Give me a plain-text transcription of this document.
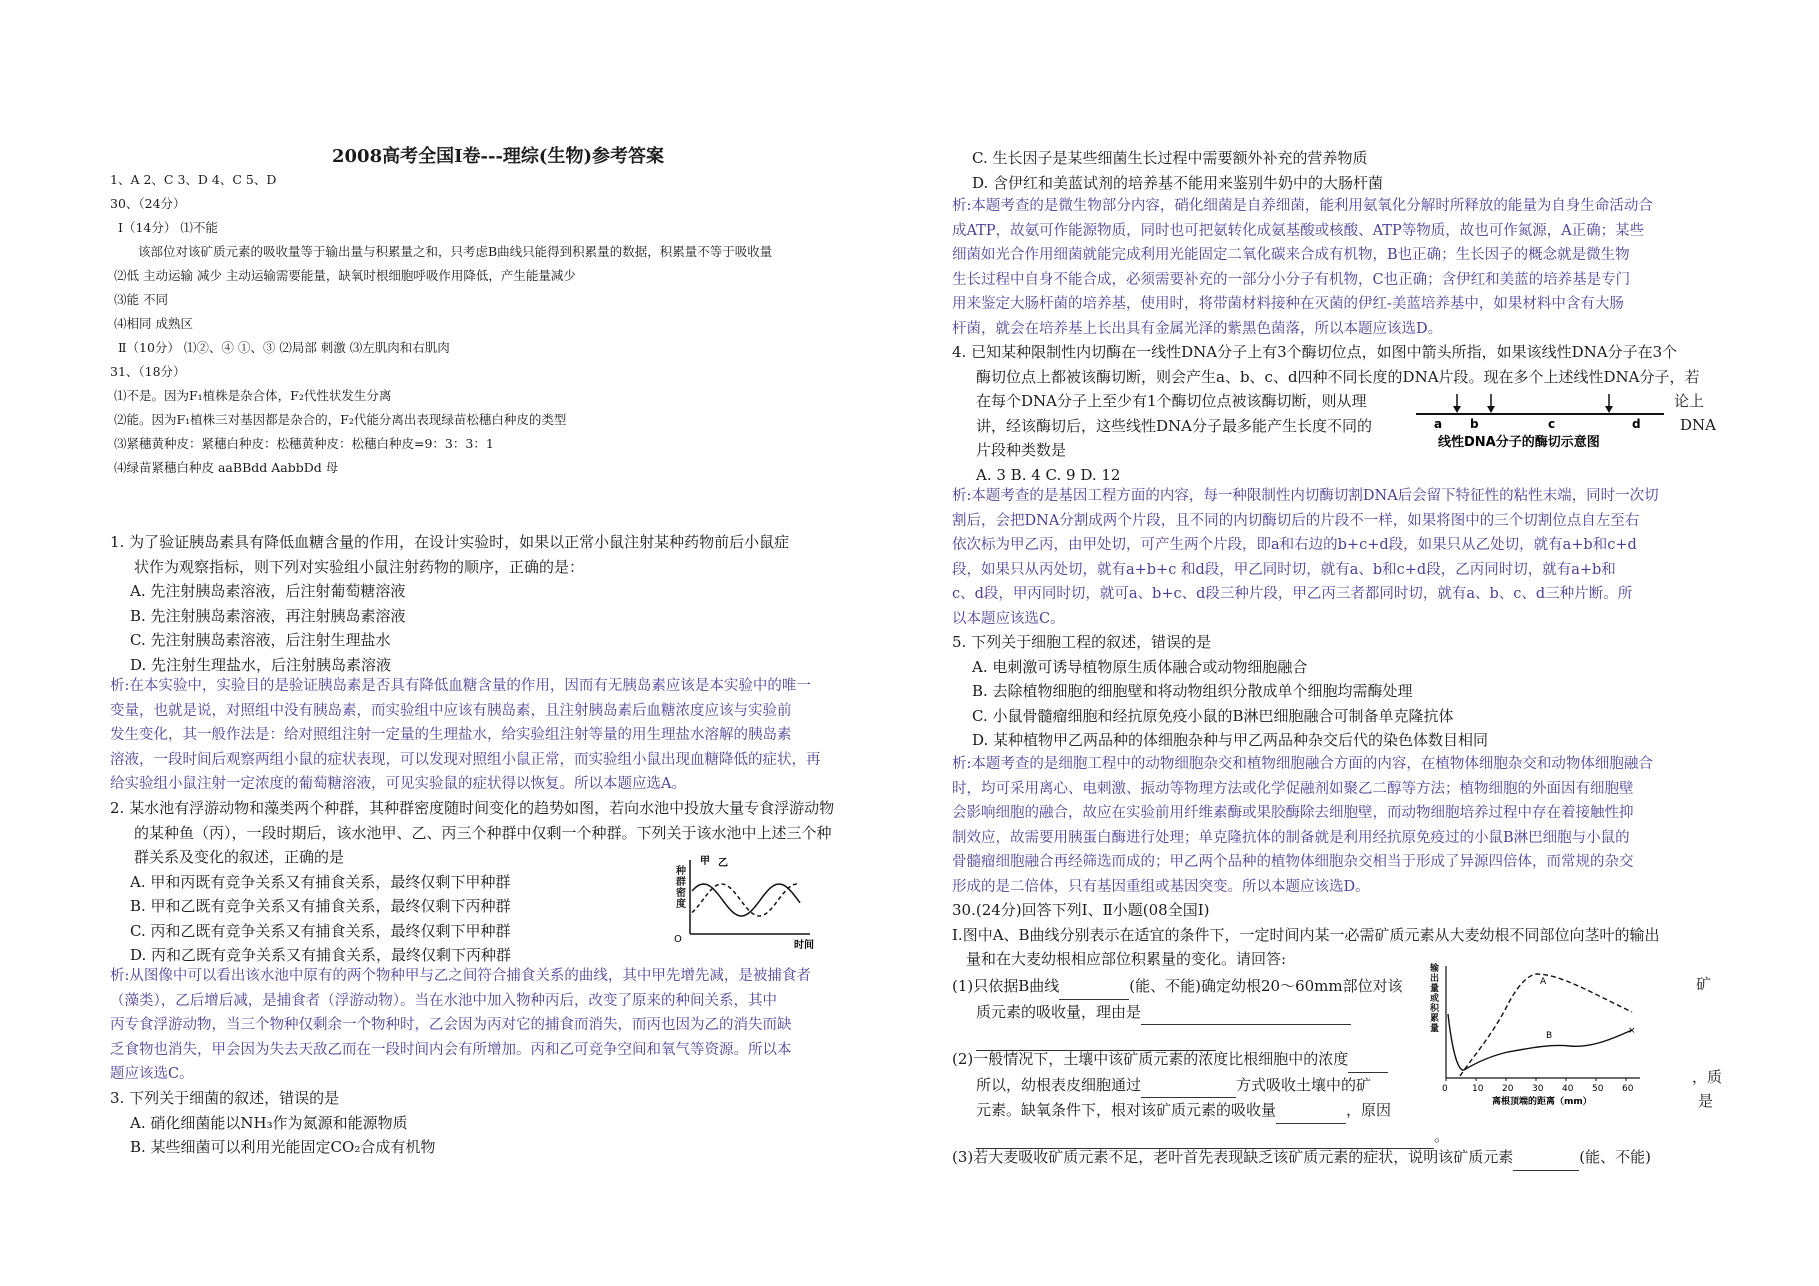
2008高考全国Ⅰ卷---理综(生物)参考答案
1、A 2、C 3、D 4、C 5、D
30、（24分）
Ⅰ（14分） ⑴不能
该部位对该矿质元素的吸收量等于输出量与积累量之和，只考虑B曲线只能得到积累量的数据，积累量不等于吸收量
⑵低 主动运输 减少 主动运输需要能量，缺氧时根细胞呼吸作用降低，产生能量减少
⑶能 不同
⑷相同 成熟区
Ⅱ（10分） ⑴②、④ ①、③ ⑵局部 刺激 ⑶左肌肉和右肌肉
31、（18分）
⑴不是。因为F₁植株是杂合体，F₂代性状发生分离
⑵能。因为F₁植株三对基因都是杂合的，F₂代能分离出表现绿苗松穗白种皮的类型
⑶紧穗黄种皮：紧穗白种皮：松穗黄种皮：松穗白种皮=9：3：3：1
⑷绿苗紧穗白种皮 aaBBdd AabbDd 母
1. 为了验证胰岛素具有降低血糖含量的作用，在设计实验时，如果以正常小鼠注射某种药物前后小鼠症
状作为观察指标，则下列对实验组小鼠注射药物的顺序，正确的是：
A. 先注射胰岛素溶液，后注射葡萄糖溶液
B. 先注射胰岛素溶液，再注射胰岛素溶液
C. 先注射胰岛素溶液，后注射生理盐水
D. 先注射生理盐水，后注射胰岛素溶液

析:在本实验中，实验目的是验证胰岛素是否具有降低血糖含量的作用，因而有无胰岛素应该是本实验中的唯一

变量，也就是说，对照组中没有胰岛素，而实验组中应该有胰岛素，且注射胰岛素后血糖浓度应该与实验前

发生变化，其一般作法是：给对照组注射一定量的生理盐水，给实验组注射等量的用生理盐水溶解的胰岛素

溶液，一段时间后观察两组小鼠的症状表现，可以发现对照组小鼠正常，而实验组小鼠出现血糖降低的症状，再

给实验组小鼠注射一定浓度的葡萄糖溶液，可见实验鼠的症状得以恢复。所以本题应选A。

2. 某水池有浮游动物和藻类两个种群，其种群密度随时间变化的趋势如图，若向水池中投放大量专食浮游动物
的某种鱼（丙），一段时期后，该水池甲、乙、丙三个种群中仅剩一个种群。下列关于该水池中上述三个种
群关系及变化的叙述，正确的是
A. 甲和丙既有竞争关系又有捕食关系，最终仅剩下甲种群
B. 甲和乙既有竞争关系又有捕食关系，最终仅剩下丙种群
C. 丙和乙既有竞争关系又有捕食关系，最终仅剩下甲种群
D. 丙和乙既有竞争关系又有捕食关系，最终仅剩下丙种群
O
时间
甲 乙
种群密度

析:从图像中可以看出该水池中原有的两个物种甲与乙之间符合捕食关系的曲线，其中甲先增先减，是被捕食者

（藻类），乙后增后减，是捕食者（浮游动物）。当在水池中加入物种丙后，改变了原来的种间关系，其中

丙专食浮游动物，当三个物种仅剩余一个物种时，乙会因为丙对它的捕食而消失，而丙也因为乙的消失而缺

乏食物也消失，甲会因为失去天敌乙而在一段时间内会有所增加。丙和乙可竞争空间和氧气等资源。所以本

题应该选C。

3. 下列关于细菌的叙述，错误的是
A. 硝化细菌能以NH₃作为氮源和能源物质
B. 某些细菌可以利用光能固定CO₂合成有机物
C. 生长因子是某些细菌生长过程中需要额外补充的营养物质
D. 含伊红和美蓝试剂的培养基不能用来鉴别牛奶中的大肠杆菌

析:本题考查的是微生物部分内容，硝化细菌是自养细菌，能利用氨氧化分解时所释放的能量为自身生命活动合

成ATP，故氨可作能源物质，同时也可把氨转化成氨基酸或核酸、ATP等物质，故也可作氮源，A正确；某些

细菌如光合作用细菌就能完成利用光能固定二氧化碳来合成有机物，B也正确；生长因子的概念就是微生物

生长过程中自身不能合成，必须需要补充的一部分小分子有机物，C也正确；含伊红和美蓝的培养基是专门

用来鉴定大肠杆菌的培养基，使用时，将带菌材料接种在灭菌的伊红-美蓝培养基中，如果材料中含有大肠

杆菌，就会在培养基上长出具有金属光泽的紫黑色菌落，所以本题应该选D。

4. 已知某种限制性内切酶在一线性DNA分子上有3个酶切位点，如图中箭头所指，如果该线性DNA分子在3个
酶切位点上都被该酶切断，则会产生a、b、c、d四种不同长度的DNA片段。现在多个上述线性DNA分子，若
在每个DNA分子上至少有1个酶切位点被该酶切断，则从理
讲，经该酶切后，这些线性DNA分子最多能产生长度不同的
片段种类数是
A. 3 B. 4 C. 9 D. 12
论上
DNA
a b	c	d
线性DNA分子的酶切示意图

析:本题考查的是基因工程方面的内容，每一种限制性内切酶切割DNA后会留下特征性的粘性末端，同时一次切

割后，会把DNA分割成两个片段，且不同的内切酶切后的片段不一样，如果将图中的三个切割位点自左至右

依次标为甲乙丙，由甲处切，可产生两个片段，即a和右边的b+c+d段，如果只从乙处切，就有a+b和c+d

段，如果只从丙处切，就有a+b+c 和d段，甲乙同时切，就有a、b和c+d段，乙丙同时切，就有a+b和

c、d段，甲丙同时切，就可a、b+c、d段三种片段，甲乙丙三者都同时切，就有a、b、c、d三种片断。所

以本题应该选C。

5. 下列关于细胞工程的叙述，错误的是
A. 电刺激可诱导植物原生质体融合或动物细胞融合
B. 去除植物细胞的细胞壁和将动物组织分散成单个细胞均需酶处理
C. 小鼠骨髓瘤细胞和经抗原免疫小鼠的B淋巴细胞融合可制备单克隆抗体
D. 某种植物甲乙两品种的体细胞杂种与甲乙两品种杂交后代的染色体数目相同

析:本题考查的是细胞工程中的动物细胞杂交和植物细胞融合方面的内容，在植物体细胞杂交和动物体细胞融合

时，均可采用离心、电刺激、振动等物理方法或化学促融剂如聚乙二醇等方法；植物细胞的外面因有细胞壁

会影响细胞的融合，故应在实验前用纤维素酶或果胶酶除去细胞壁，而动物细胞培养过程中存在着接触性抑

制效应，故需要用胰蛋白酶进行处理；单克隆抗体的制备就是利用经抗原免疫过的小鼠B淋巴细胞与小鼠的

骨髓瘤细胞融合再经筛选而成的；甲乙两个品种的植物体细胞杂交相当于形成了异源四倍体，而常规的杂交

形成的是二倍体，只有基因重组或基因突变。所以本题应该选D。

30.(24分)回答下列Ⅰ、Ⅱ小题(08全国Ⅰ)
Ⅰ.图中A、B曲线分别表示在适宜的条件下，一定时间内某一必需矿质元素从大麦幼根不同部位向茎叶的输出
量和在大麦幼根相应部位积累量的变化。请回答:
(1)只依据B曲线	(能、不能)确定幼根20～60mm部位对该
质元素的吸收量，理由是

(2)一般情况下，土壤中该矿质元素的浓度比根细胞中的浓度
所以，幼根表皮细胞通过	方式吸收土壤中的矿
元素。缺氧条件下，根对该矿质元素的吸收量	，原因
。
(3)若大麦吸收矿质元素不足，老叶首先表现缺乏该矿质元素的症状，说明该矿质元素	(能、不能)
矿
，质
是
0	10 20 30 40 50 60
×
A
B
离根顶端的距离（mm）
输出量或积累量
